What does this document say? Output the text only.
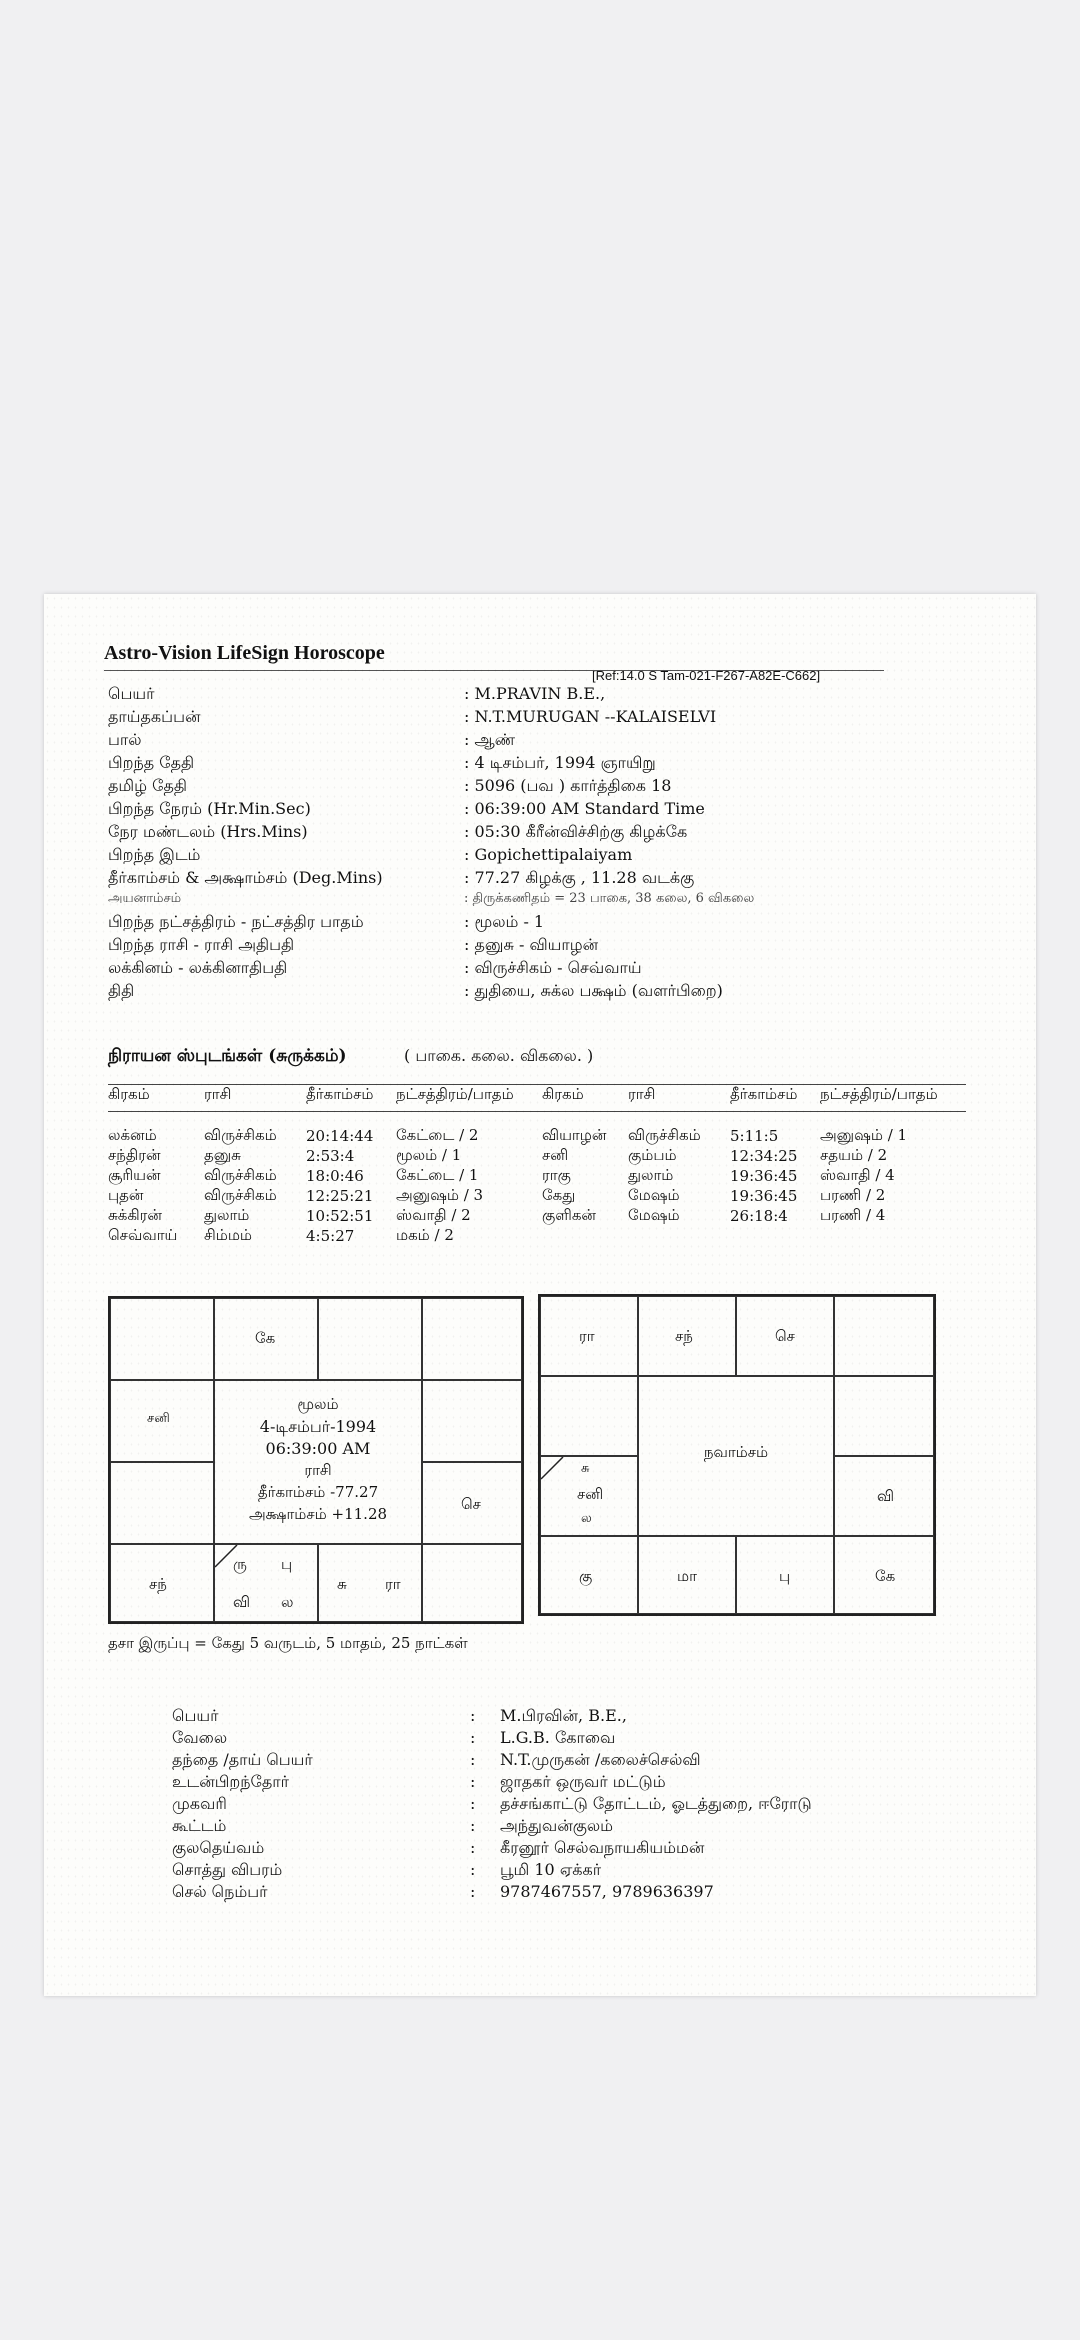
Astro-Vision LifeSign Horoscope
[Ref:14.0 S Tam-021-F267-A82E-C662]
பெயர்	: M.PRAVIN B.E.,
தாய்தகப்பன்	: N.T.MURUGAN --KALAISELVI
பால்	: ஆண்
பிறந்த தேதி	: 4 டிசம்பர், 1994 ஞாயிறு
தமிழ் தேதி	: 5096 (பவ ) கார்த்திகை 18
பிறந்த நேரம் (Hr.Min.Sec)	: 06:39:00 AM Standard Time
நேர மண்டலம் (Hrs.Mins)	: 05:30 கீரீன்விச்சிற்கு கிழக்கே
பிறந்த இடம்	: Gopichettipalaiyam
தீர்காம்சம் & அக்ஷாம்சம் (Deg.Mins)	: 77.27 கிழக்கு , 11.28 வடக்கு
அயனாம்சம்	: திருக்கணிதம் = 23 பாகை, 38 கலை, 6 விகலை
பிறந்த நட்சத்திரம் - நட்சத்திர பாதம்	: மூலம் - 1
பிறந்த ராசி - ராசி அதிபதி	: தனுசு - வியாழன்
லக்கினம் - லக்கினாதிபதி	: விருச்சிகம் - செவ்வாய்
திதி	: துதியை, சுக்ல பக்ஷம் (வளர்பிறை)
நிராயன ஸ்புடங்கள் (சுருக்கம்)	( பாகை. கலை. விகலை. )
கிரகம்	ராசி	தீர்காம்சம்	நட்சத்திரம்/பாதம்	கிரகம்	ராசி	தீர்காம்சம்	நட்சத்திரம்/பாதம்

லக்னம்	விருச்சிகம்	20:14:44	கேட்டை / 2	வியாழன்	விருச்சிகம்	5:11:5	அனுஷம் / 1
சந்திரன்	தனுசு	2:53:4	மூலம் / 1	சனி	கும்பம்	12:34:25	சதயம் / 2
சூரியன்	விருச்சிகம்	18:0:46	கேட்டை / 1	ராகு	துலாம்	19:36:45	ஸ்வாதி / 4
புதன்	விருச்சிகம்	12:25:21	அனுஷம் / 3	கேது	மேஷம்	19:36:45	பரணி / 2
சுக்கிரன்	துலாம்	10:52:51	ஸ்வாதி / 2	குளிகன்	மேஷம்	26:18:4	பரணி / 4
செவ்வாய்	சிம்மம்	4:5:27	மகம் / 2				
கே
சனி
செ
மூலம்
4-டிசம்பர்-1994
06:39:00 AM
ராசி
தீர்காம்சம் -77.27
அக்ஷாம்சம் +11.28
சந்
ரு பு
வி ல
சு	ரா
ரா	சந்	செ
சு
சனி
ல
வி
நவாம்சம்
கு	மா	பு	கே
தசா இருப்பு = கேது 5 வருடம், 5 மாதம், 25 நாட்கள்
பெயர்	: M.பிரவின், B.E.,
வேலை	: L.G.B. கோவை
தந்தை /தாய் பெயர்	: N.T.முருகன் /கலைச்செல்வி
உடன்பிறந்தோர்	: ஜாதகர் ஒருவர் மட்டும்
முகவரி	: தச்சங்காட்டு தோட்டம், ஓடத்துறை, ஈரோடு
கூட்டம்	: அந்துவன்குலம்
குலதெய்வம்	: கீரனூர் செல்வநாயகியம்மன்
சொத்து விபரம்	: பூமி 10 ஏக்கர்
செல் நெம்பர்	: 9787467557, 9789636397
